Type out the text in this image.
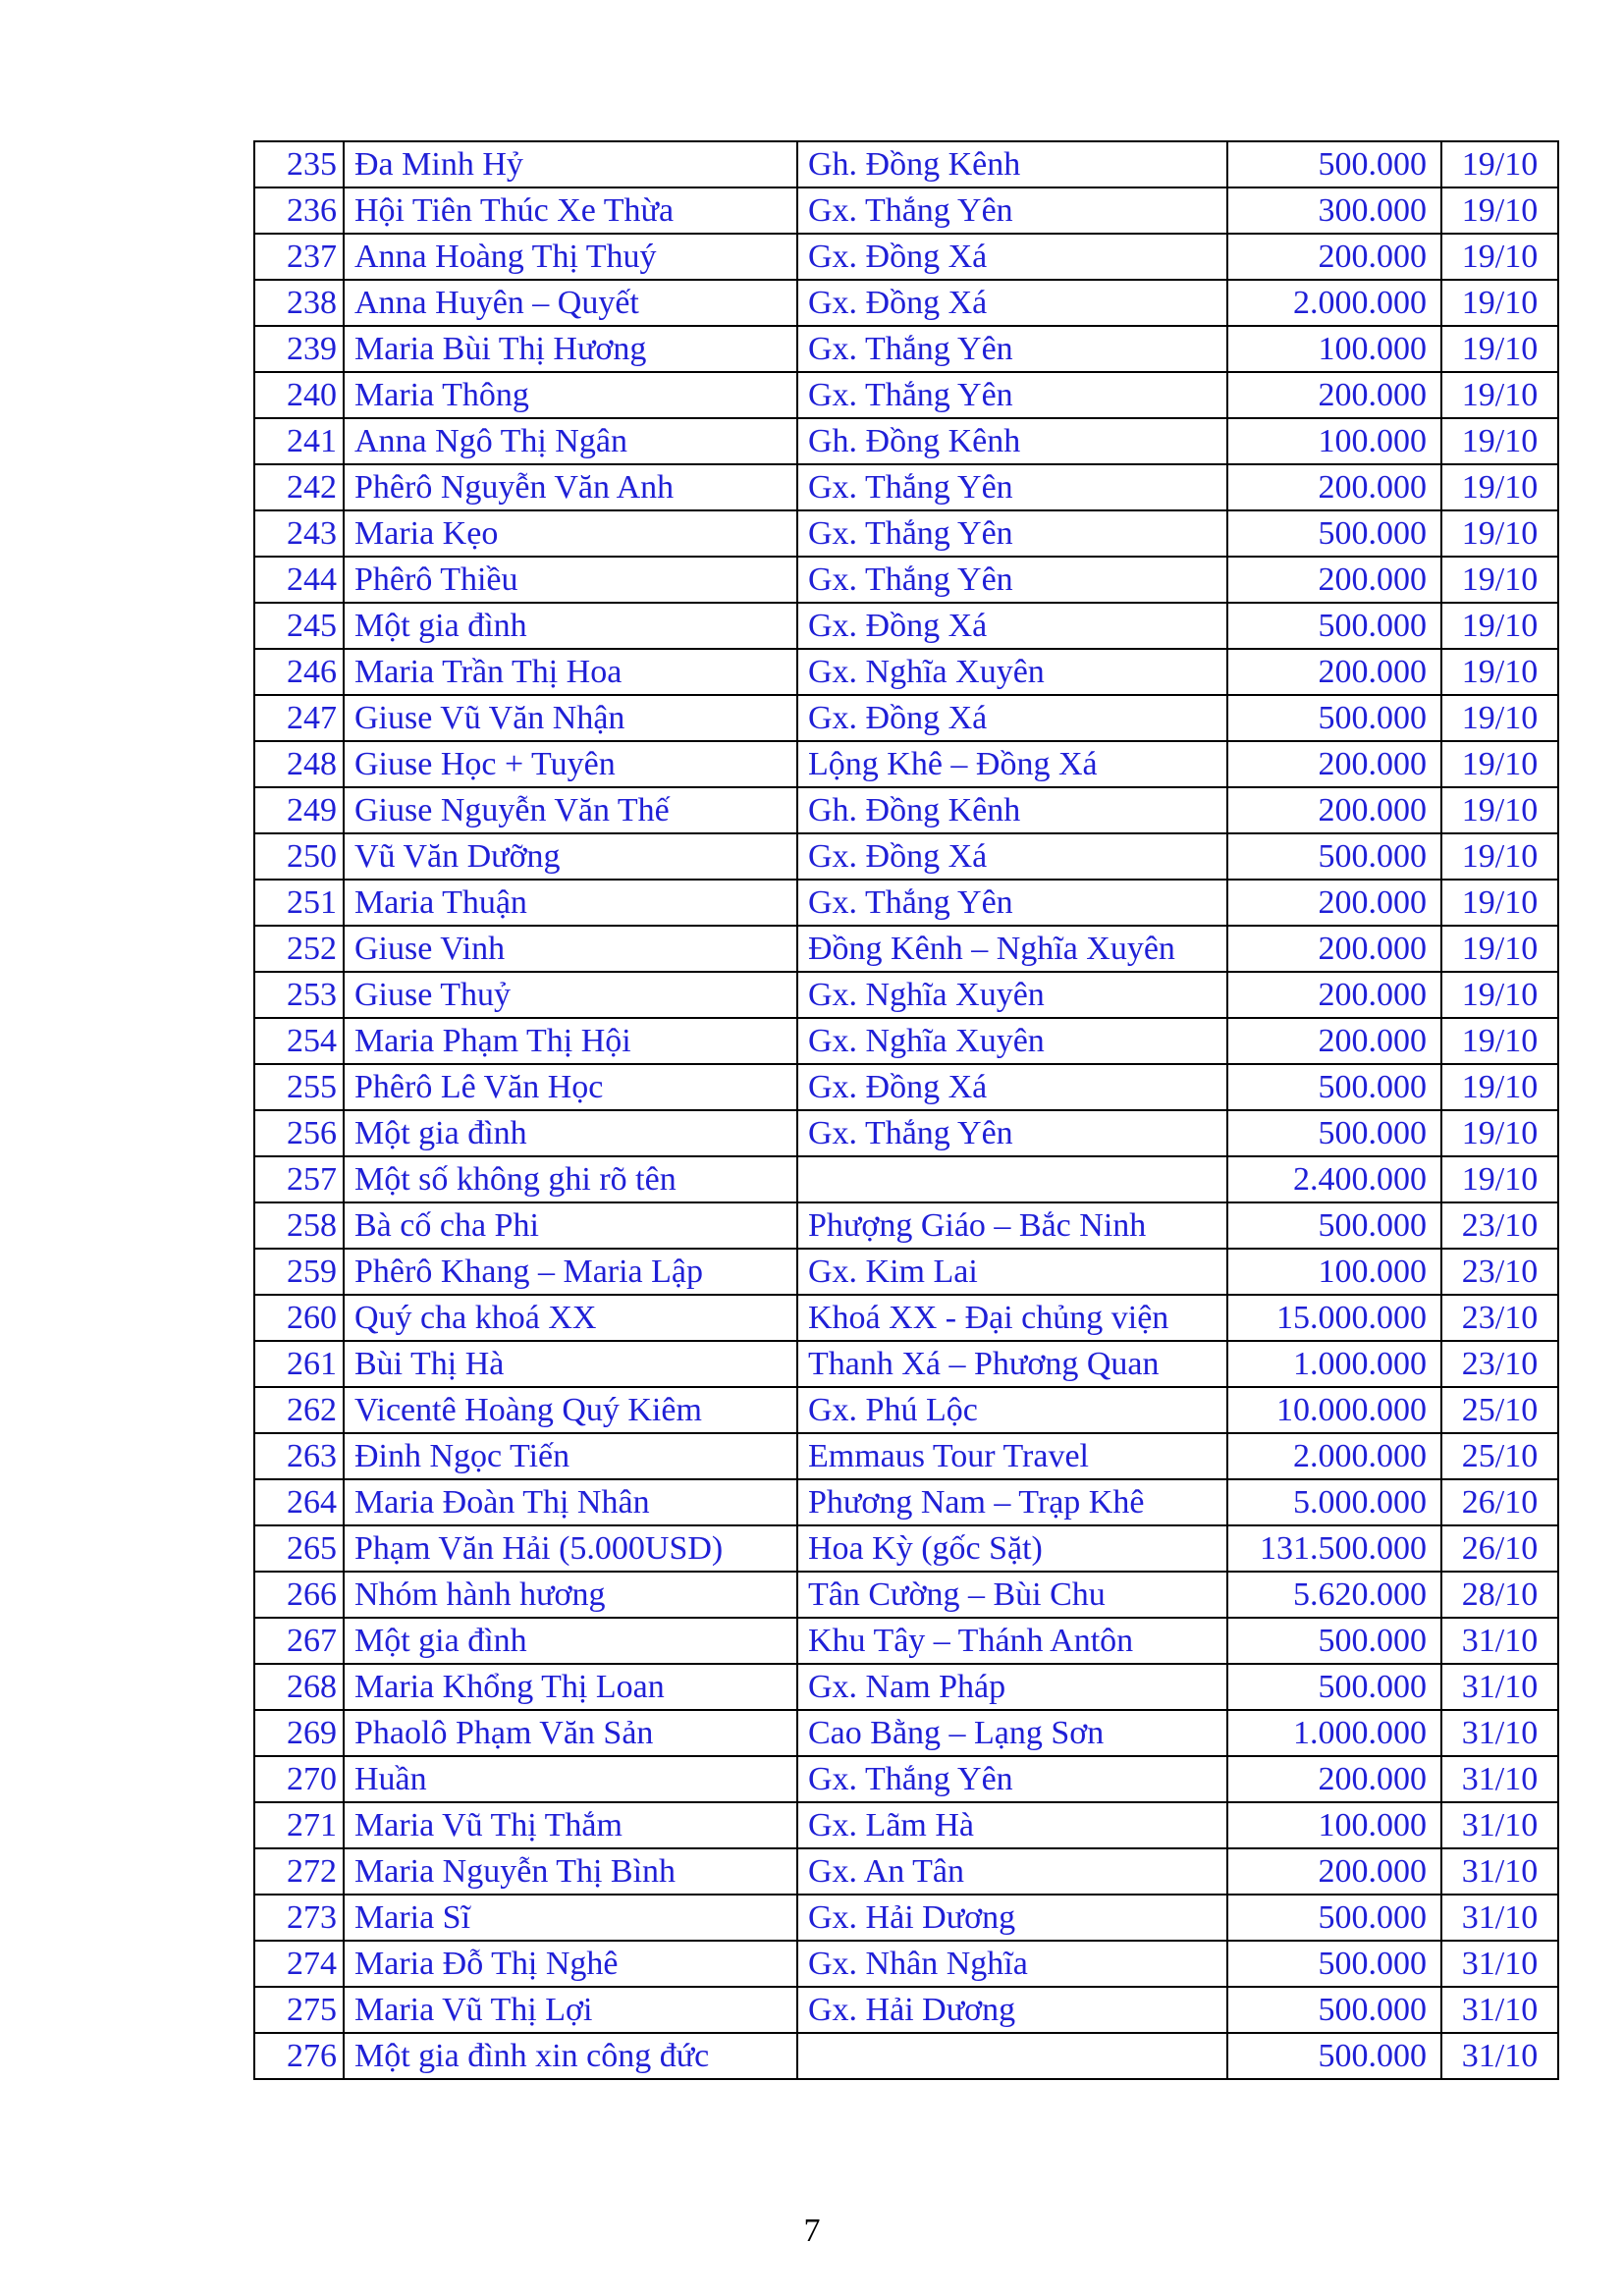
235	Đa Minh Hỷ	Gh. Đồng Kênh	500.000	19/10
236	Hội Tiên Thúc Xe Thừa	Gx. Thắng Yên	300.000	19/10
237	Anna Hoàng Thị Thuý	Gx. Đồng Xá	200.000	19/10
238	Anna Huyên – Quyết	Gx. Đồng Xá	2.000.000	19/10
239	Maria Bùi Thị Hương	Gx. Thắng Yên	100.000	19/10
240	Maria Thông	Gx. Thắng Yên	200.000	19/10
241	Anna Ngô Thị Ngân	Gh. Đồng Kênh	100.000	19/10
242	Phêrô Nguyễn Văn Anh	Gx. Thắng Yên	200.000	19/10
243	Maria Kẹo	Gx. Thắng Yên	500.000	19/10
244	Phêrô Thiều	Gx. Thắng Yên	200.000	19/10
245	Một gia đình	Gx. Đồng Xá	500.000	19/10
246	Maria Trần Thị Hoa	Gx. Nghĩa Xuyên	200.000	19/10
247	Giuse Vũ Văn Nhận	Gx. Đồng Xá	500.000	19/10
248	Giuse Học + Tuyên	Lộng Khê – Đồng Xá	200.000	19/10
249	Giuse Nguyễn Văn Thế	Gh. Đồng Kênh	200.000	19/10
250	Vũ Văn Dưỡng	Gx. Đồng Xá	500.000	19/10
251	Maria Thuận	Gx. Thắng Yên	200.000	19/10
252	Giuse Vinh	Đồng Kênh – Nghĩa Xuyên	200.000	19/10
253	Giuse Thuỷ	Gx. Nghĩa Xuyên	200.000	19/10
254	Maria Phạm Thị Hội	Gx. Nghĩa Xuyên	200.000	19/10
255	Phêrô Lê Văn Học	Gx. Đồng Xá	500.000	19/10
256	Một gia đình	Gx. Thắng Yên	500.000	19/10
257	Một số không ghi rõ tên		2.400.000	19/10
258	Bà cố cha Phi	Phượng Giáo – Bắc Ninh	500.000	23/10
259	Phêrô Khang – Maria Lập	Gx. Kim Lai	100.000	23/10
260	Quý cha khoá XX	Khoá XX - Đại chủng viện	15.000.000	23/10
261	Bùi Thị Hà	Thanh Xá – Phương Quan	1.000.000	23/10
262	Vicentê Hoàng Quý Kiêm	Gx. Phú Lộc	10.000.000	25/10
263	Đinh Ngọc Tiến	Emmaus Tour Travel	2.000.000	25/10
264	Maria Đoàn Thị Nhân	Phương Nam – Trạp Khê	5.000.000	26/10
265	Phạm Văn Hải (5.000USD)	Hoa Kỳ (gốc Sặt)	131.500.000	26/10
266	Nhóm hành hương	Tân Cường – Bùi Chu	5.620.000	28/10
267	Một gia đình	Khu Tây – Thánh Antôn	500.000	31/10
268	Maria Khổng Thị Loan	Gx. Nam Pháp	500.000	31/10
269	Phaolô Phạm Văn Sản	Cao Bằng – Lạng Sơn	1.000.000	31/10
270	Huần	Gx. Thắng Yên	200.000	31/10
271	Maria Vũ Thị Thắm	Gx. Lãm Hà	100.000	31/10
272	Maria Nguyễn Thị Bình	Gx. An Tân	200.000	31/10
273	Maria Sĩ	Gx. Hải Dương	500.000	31/10
274	Maria Đỗ Thị Nghê	Gx. Nhân Nghĩa	500.000	31/10
275	Maria Vũ Thị Lợi	Gx. Hải Dương	500.000	31/10
276	Một gia đình xin công đức		500.000	31/10
7
